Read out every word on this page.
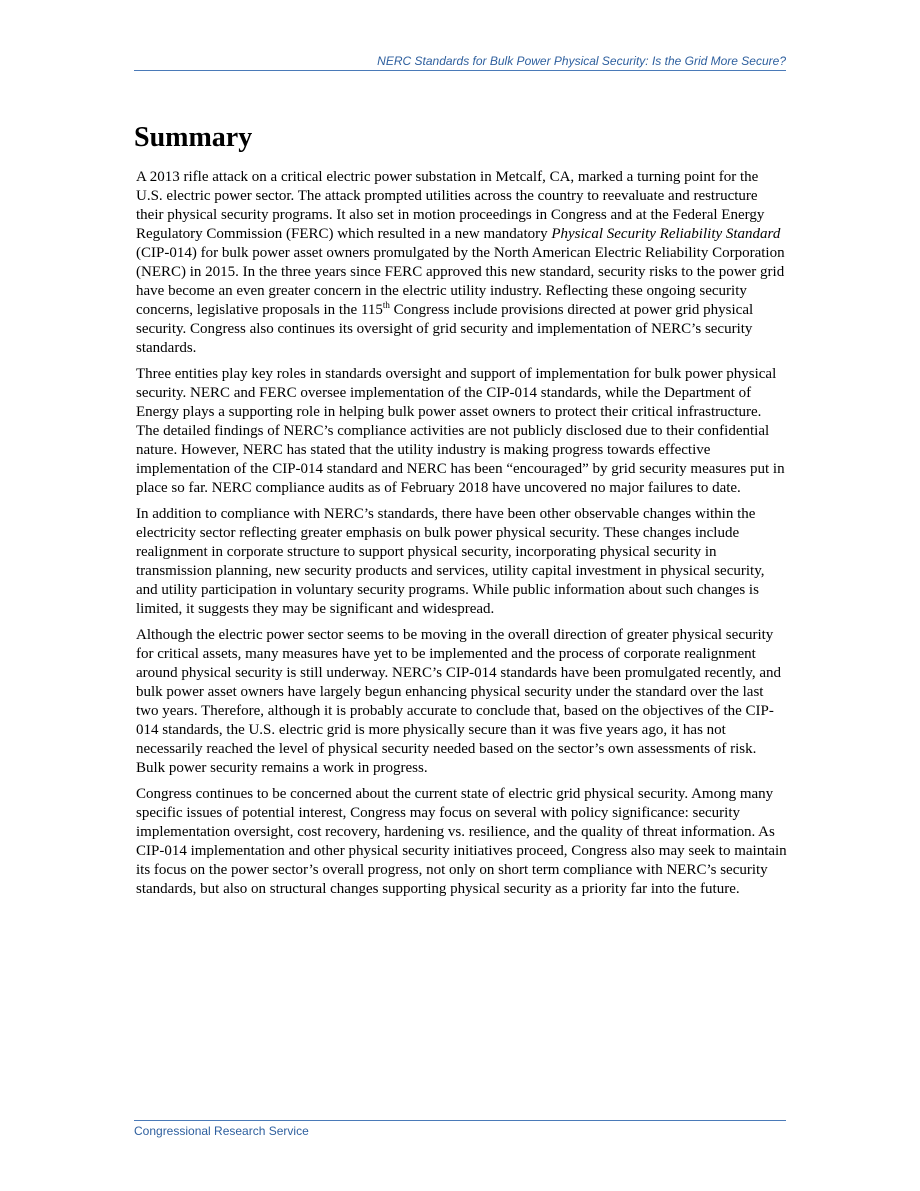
NERC Standards for Bulk Power Physical Security: Is the Grid More Secure?
Summary

A 2013 rifle attack on a critical electric power substation in Metcalf, CA, marked a turning point for the U.S. electric power sector. The attack prompted utilities across the country to reevaluate and restructure their physical security programs. It also set in motion proceedings in Congress and at the Federal Energy Regulatory Commission (FERC) which resulted in a new mandatory Physical Security Reliability Standard (CIP-014) for bulk power asset owners promulgated by the North American Electric Reliability Corporation (NERC) in 2015. In the three years since FERC approved this new standard, security risks to the power grid have become an even greater concern in the electric utility industry. Reflecting these ongoing security concerns, legislative proposals in the 115th Congress include provisions directed at power grid physical security. Congress also continues its oversight of grid security and implementation of NERC’s security standards.

Three entities play key roles in standards oversight and support of implementation for bulk power physical security. NERC and FERC oversee implementation of the CIP-014 standards, while the Department of Energy plays a supporting role in helping bulk power asset owners to protect their critical infrastructure. The detailed findings of NERC’s compliance activities are not publicly disclosed due to their confidential nature. However, NERC has stated that the utility industry is making progress towards effective implementation of the CIP-014 standard and NERC has been “encouraged” by grid security measures put in place so far. NERC compliance audits as of February 2018 have uncovered no major failures to date.

In addition to compliance with NERC’s standards, there have been other observable changes within the electricity sector reflecting greater emphasis on bulk power physical security. These changes include realignment in corporate structure to support physical security, incorporating physical security in transmission planning, new security products and services, utility capital investment in physical security, and utility participation in voluntary security programs. While public information about such changes is limited, it suggests they may be significant and widespread.

Although the electric power sector seems to be moving in the overall direction of greater physical security for critical assets, many measures have yet to be implemented and the process of corporate realignment around physical security is still underway. NERC’s CIP-014 standards have been promulgated recently, and bulk power asset owners have largely begun enhancing physical security under the standard over the last two years. Therefore, although it is probably accurate to conclude that, based on the objectives of the CIP-014 standards, the U.S. electric grid is more physically secure than it was five years ago, it has not necessarily reached the level of physical security needed based on the sector’s own assessments of risk. Bulk power security remains a work in progress.

Congress continues to be concerned about the current state of electric grid physical security. Among many specific issues of potential interest, Congress may focus on several with policy significance: security implementation oversight, cost recovery, hardening vs. resilience, and the quality of threat information. As CIP-014 implementation and other physical security initiatives proceed, Congress also may seek to maintain its focus on the power sector’s overall progress, not only on short term compliance with NERC’s security standards, but also on structural changes supporting physical security as a priority far into the future.

Congressional Research Service
